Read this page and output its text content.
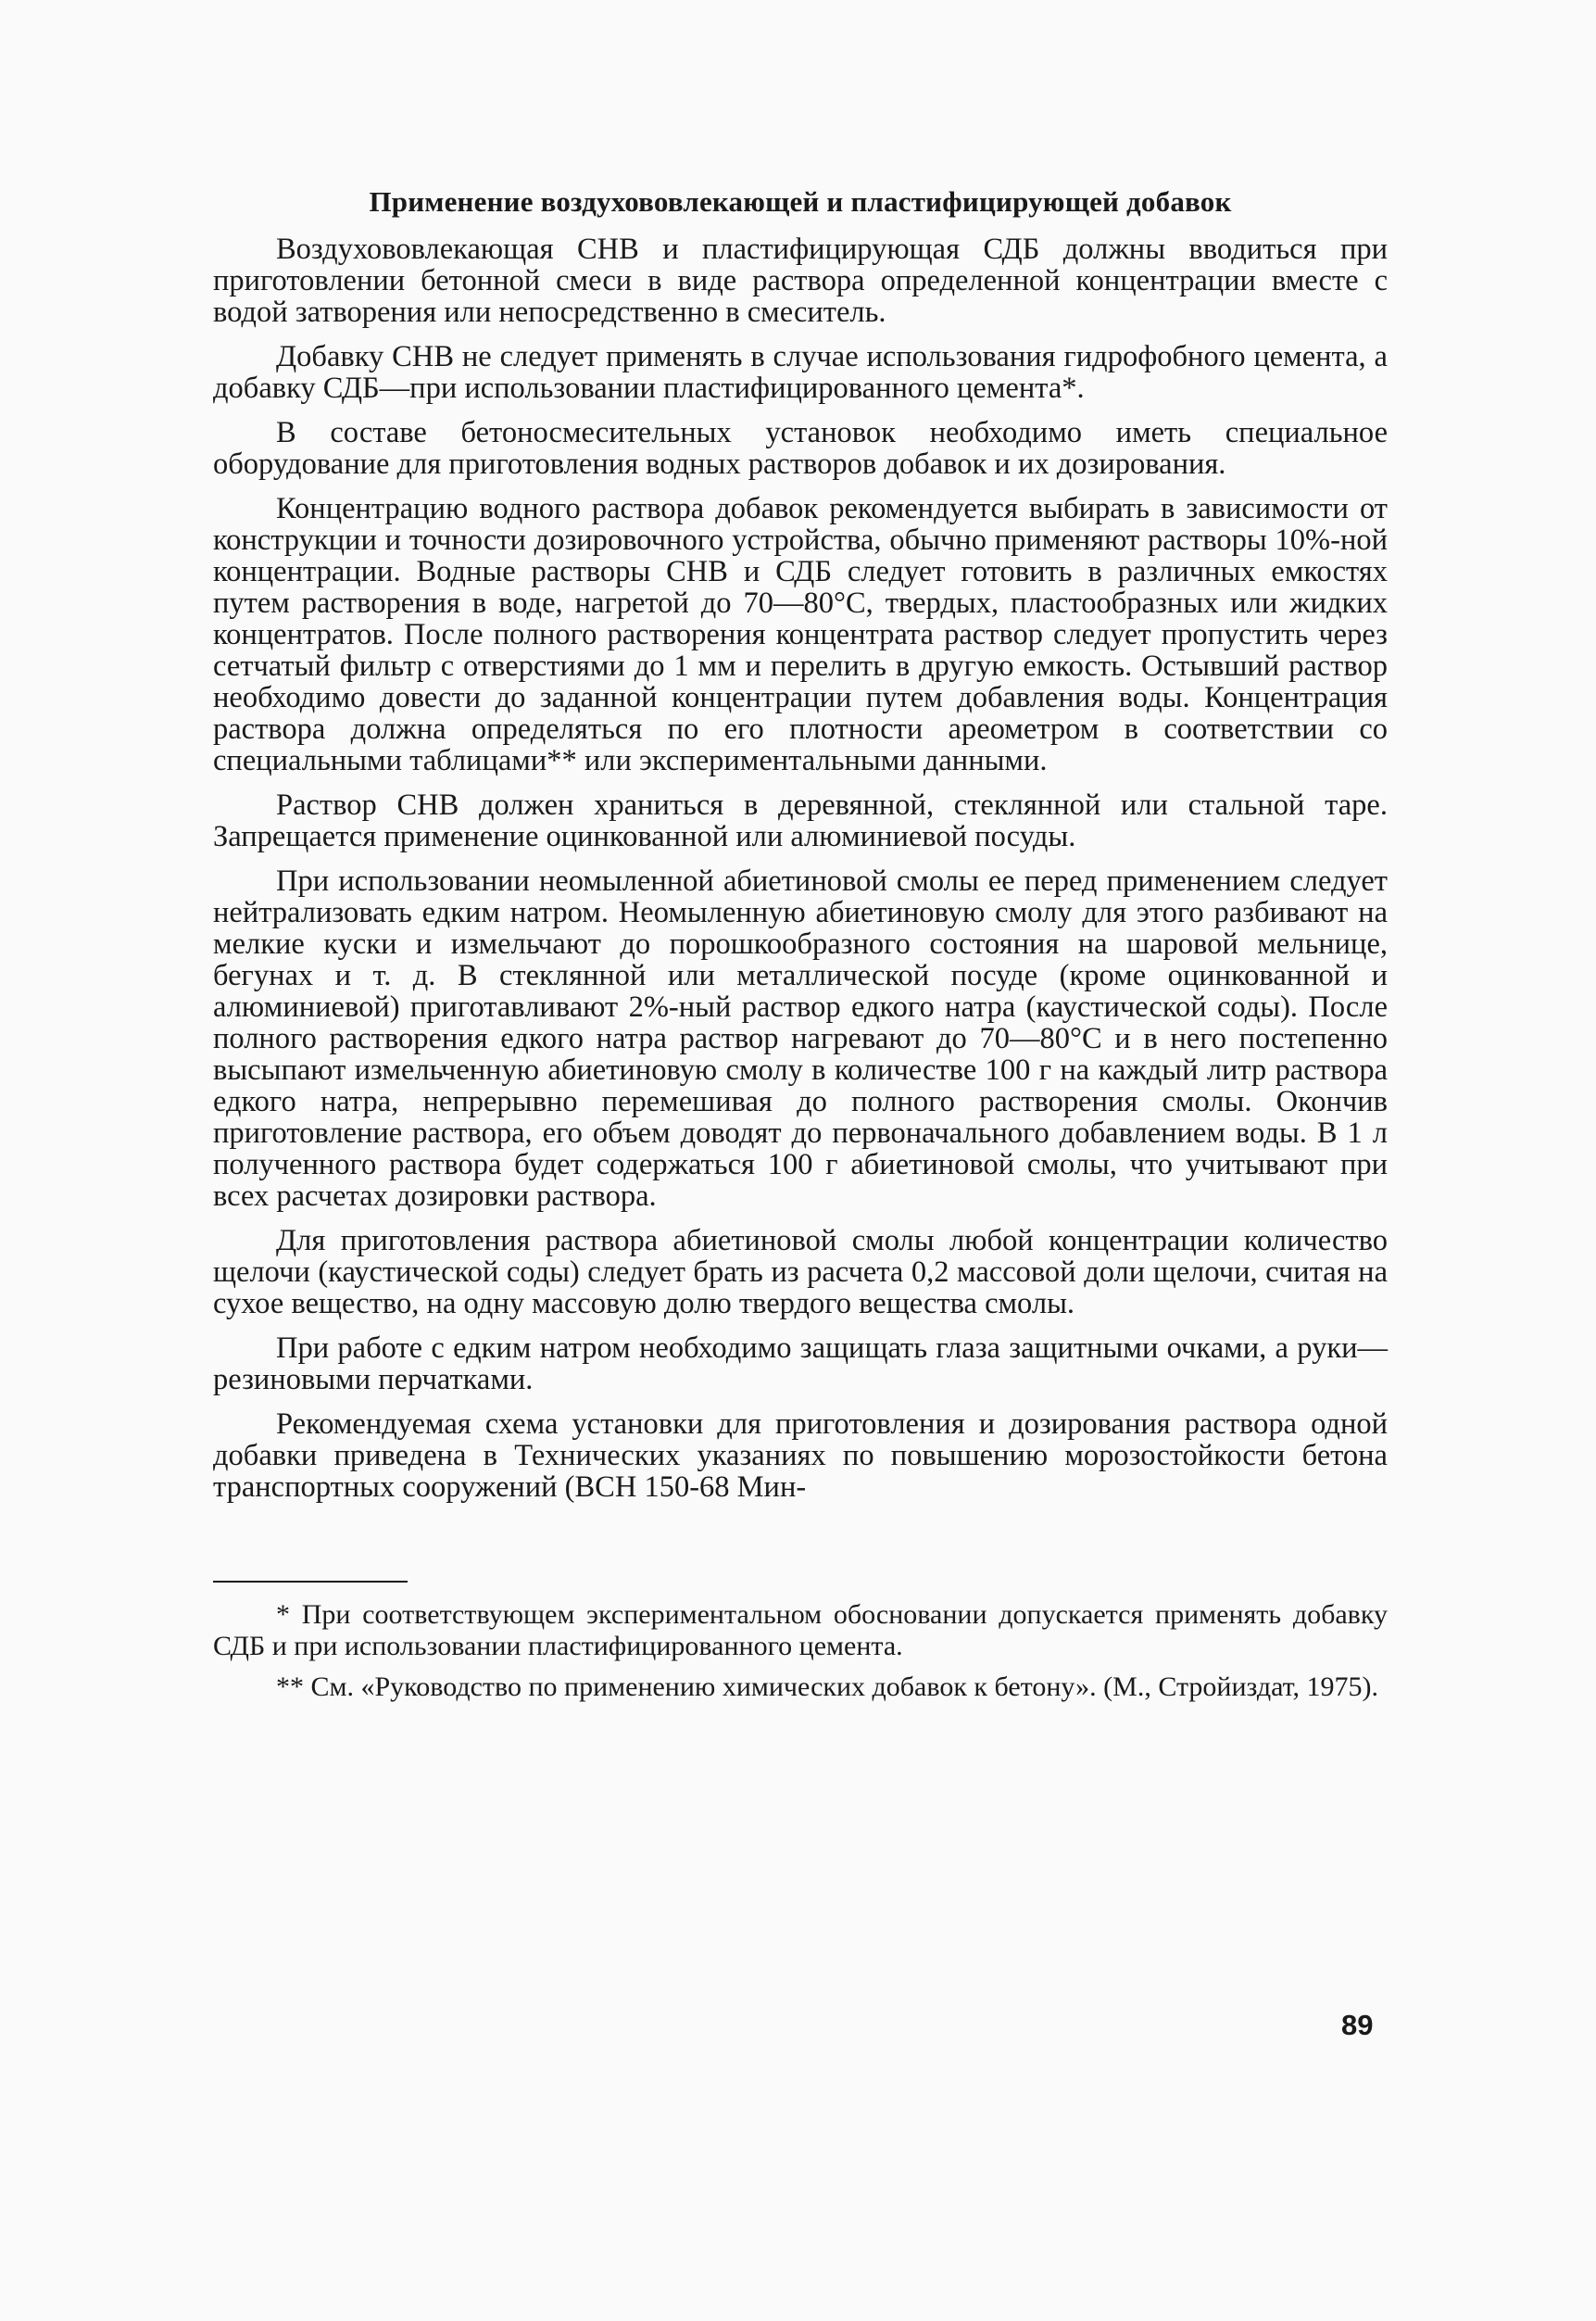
Применение воздухововлекающей и пластифицирующей добавок

Воздухововлекающая СНВ и пластифицирующая СДБ должны вводиться при приготовлении бетонной смеси в виде раствора определенной концентрации вместе с водой затворения или непосредственно в смеситель.

Добавку СНВ не следует применять в случае использования гидрофобного цемента, а добавку СДБ—при использовании пластифицированного цемента*.

В составе бетоносмесительных установок необходимо иметь специальное оборудование для приготовления водных растворов добавок и их дозирования.

Концентрацию водного раствора добавок рекомендуется выбирать в зависимости от конструкции и точности дозировочного устройства, обычно применяют растворы 10%-ной концентрации. Водные растворы СНВ и СДБ следует готовить в различных емкостях путем растворения в воде, нагретой до 70—80°С, твердых, пластообразных или жидких концентратов. После полного растворения концентрата раствор следует пропустить через сетчатый фильтр с отверстиями до 1 мм и перелить в другую емкость. Остывший раствор необходимо довести до заданной концентрации путем добавления воды. Концентрация раствора должна определяться по его плотности ареометром в соответствии со специальными таблицами** или экспериментальными данными.

Раствор СНВ должен храниться в деревянной, стеклянной или стальной таре. Запрещается применение оцинкованной или алюминиевой посуды.

При использовании неомыленной абиетиновой смолы ее перед применением следует нейтрализовать едким натром. Неомыленную абиетиновую смолу для этого разбивают на мелкие куски и измельчают до порошкообразного состояния на шаровой мельнице, бегунах и т. д. В стеклянной или металлической посуде (кроме оцинкованной и алюминиевой) приготавливают 2%-ный раствор едкого натра (каустической соды). После полного растворения едкого натра раствор нагревают до 70—80°С и в него постепенно высыпают измельченную абиетиновую смолу в количестве 100 г на каждый литр раствора едкого натра, непрерывно перемешивая до полного растворения смолы. Окончив приготовление раствора, его объем доводят до первоначального добавлением воды. В 1 л полученного раствора будет содержаться 100 г абиетиновой смолы, что учитывают при всех расчетах дозировки раствора.

Для приготовления раствора абиетиновой смолы любой концентрации количество щелочи (каустической соды) следует брать из расчета 0,2 массовой доли щелочи, считая на сухое вещество, на одну массовую долю твердого вещества смолы.

При работе с едким натром необходимо защищать глаза защитными очками, а руки—резиновыми перчатками.

Рекомендуемая схема установки для приготовления и дозирования раствора одной добавки приведена в Технических указаниях по повышению морозостойкости бетона транспортных сооружений (ВСН 150-68 Мин-

* При соответствующем экспериментальном обосновании допускается применять добавку СДБ и при использовании пластифицированного цемента.

** См. «Руководство по применению химических добавок к бетону». (М., Стройиздат, 1975).

89
